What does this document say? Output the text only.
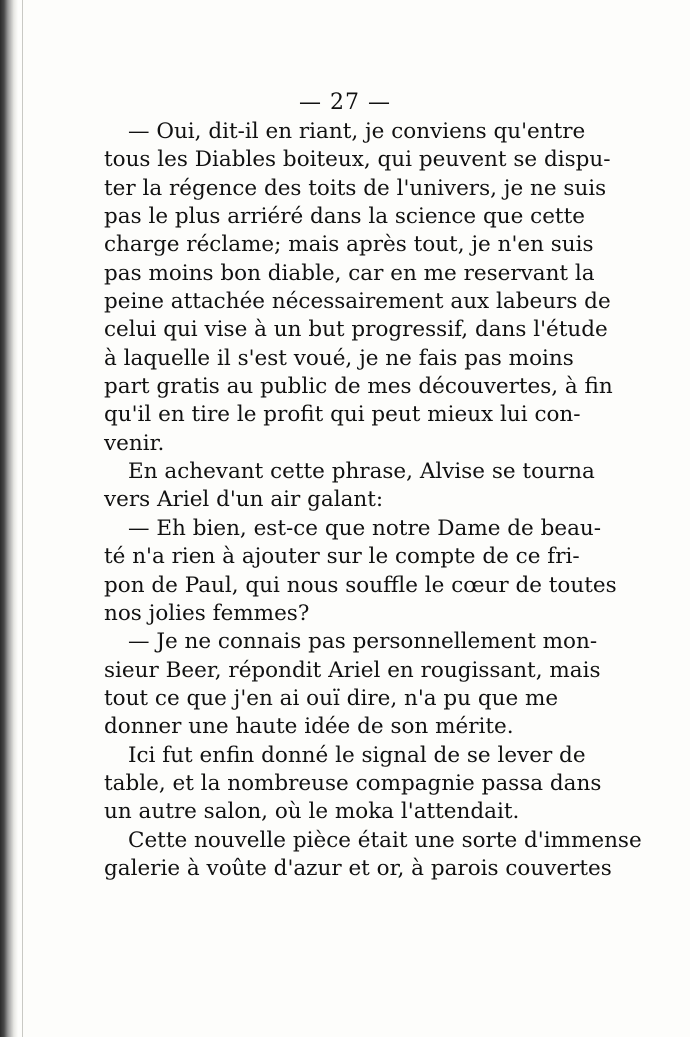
— 27 —
— Oui, dit-il en riant, je conviens qu'entre
tous les Diables boiteux, qui peuvent se dispu-
ter la régence des toits de l'univers, je ne suis
pas le plus arriéré dans la science que cette
charge réclame; mais après tout, je n'en suis
pas moins bon diable, car en me reservant la
peine attachée nécessairement aux labeurs de
celui qui vise à un but progressif, dans l'étude
à laquelle il s'est voué, je ne fais pas moins
part gratis au public de mes découvertes, à fin
qu'il en tire le profit qui peut mieux lui con-
venir.
En achevant cette phrase, Alvise se tourna
vers Ariel d'un air galant:
— Eh bien, est-ce que notre Dame de beau-
té n'a rien à ajouter sur le compte de ce fri-
pon de Paul, qui nous souffle le cœur de toutes
nos jolies femmes?
— Je ne connais pas personnellement mon-
sieur Beer, répondit Ariel en rougissant, mais
tout ce que j'en ai ouï dire, n'a pu que me
donner une haute idée de son mérite.
Ici fut enfin donné le signal de se lever de
table, et la nombreuse compagnie passa dans
un autre salon, où le moka l'attendait.
Cette nouvelle pièce était une sorte d'immense
galerie à voûte d'azur et or, à parois couvertes
